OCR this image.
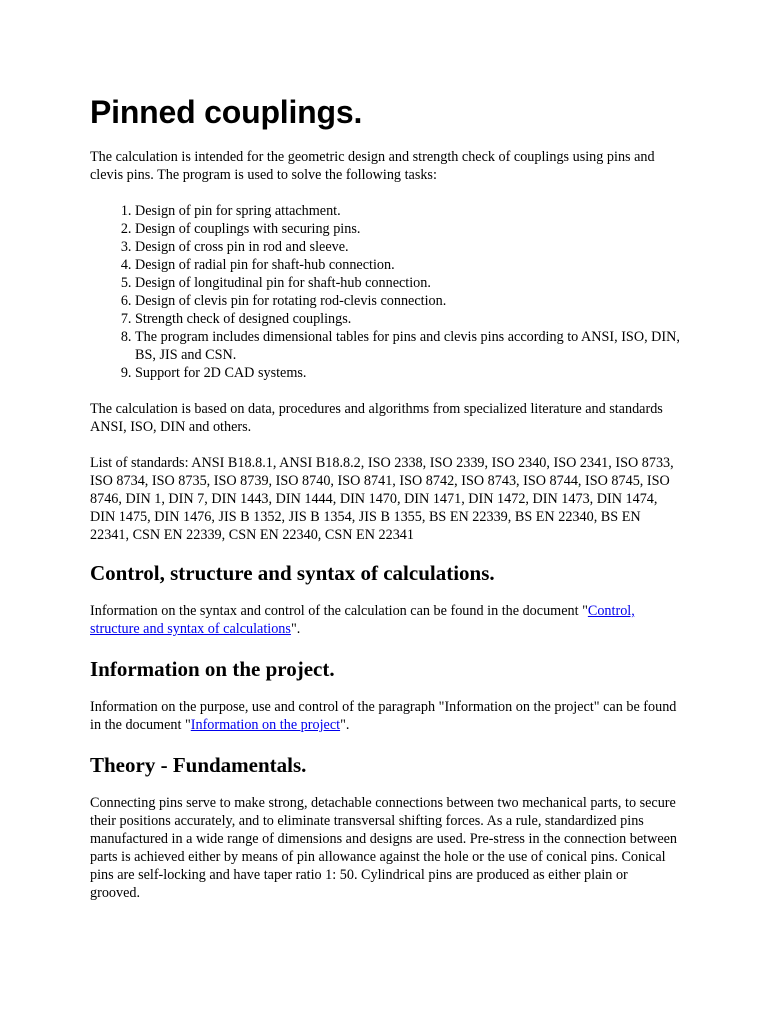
Pinned couplings.

The calculation is intended for the geometric design and strength check of couplings using pins and clevis pins. The program is used to solve the following tasks:

1. Design of pin for spring attachment.
2. Design of couplings with securing pins.
3. Design of cross pin in rod and sleeve.
4. Design of radial pin for shaft-hub connection.
5. Design of longitudinal pin for shaft-hub connection.
6. Design of clevis pin for rotating rod-clevis connection.
7. Strength check of designed couplings.
8. The program includes dimensional tables for pins and clevis pins according to ANSI, ISO, DIN, BS, JIS and CSN.
9. Support for 2D CAD systems.

The calculation is based on data, procedures and algorithms from specialized literature and standards ANSI, ISO, DIN and others.

List of standards: ANSI B18.8.1, ANSI B18.8.2, ISO 2338, ISO 2339, ISO 2340, ISO 2341, ISO 8733, ISO 8734, ISO 8735, ISO 8739, ISO 8740, ISO 8741, ISO 8742, ISO 8743, ISO 8744, ISO 8745, ISO 8746, DIN 1, DIN 7, DIN 1443, DIN 1444, DIN 1470, DIN 1471, DIN 1472, DIN 1473, DIN 1474, DIN 1475, DIN 1476, JIS B 1352, JIS B 1354, JIS B 1355, BS EN 22339, BS EN 22340, BS EN 22341, CSN EN 22339, CSN EN 22340, CSN EN 22341

Control, structure and syntax of calculations.

Information on the syntax and control of the calculation can be found in the document "Control, structure and syntax of calculations".

Information on the project.

Information on the purpose, use and control of the paragraph "Information on the project" can be found in the document "Information on the project".

Theory - Fundamentals.

Connecting pins serve to make strong, detachable connections between two mechanical parts, to secure their positions accurately, and to eliminate transversal shifting forces. As a rule, standardized pins manufactured in a wide range of dimensions and designs are used. Pre-stress in the connection between parts is achieved either by means of pin allowance against the hole or the use of conical pins. Conical pins are self-locking and have taper ratio 1: 50. Cylindrical pins are produced as either plain or grooved.
